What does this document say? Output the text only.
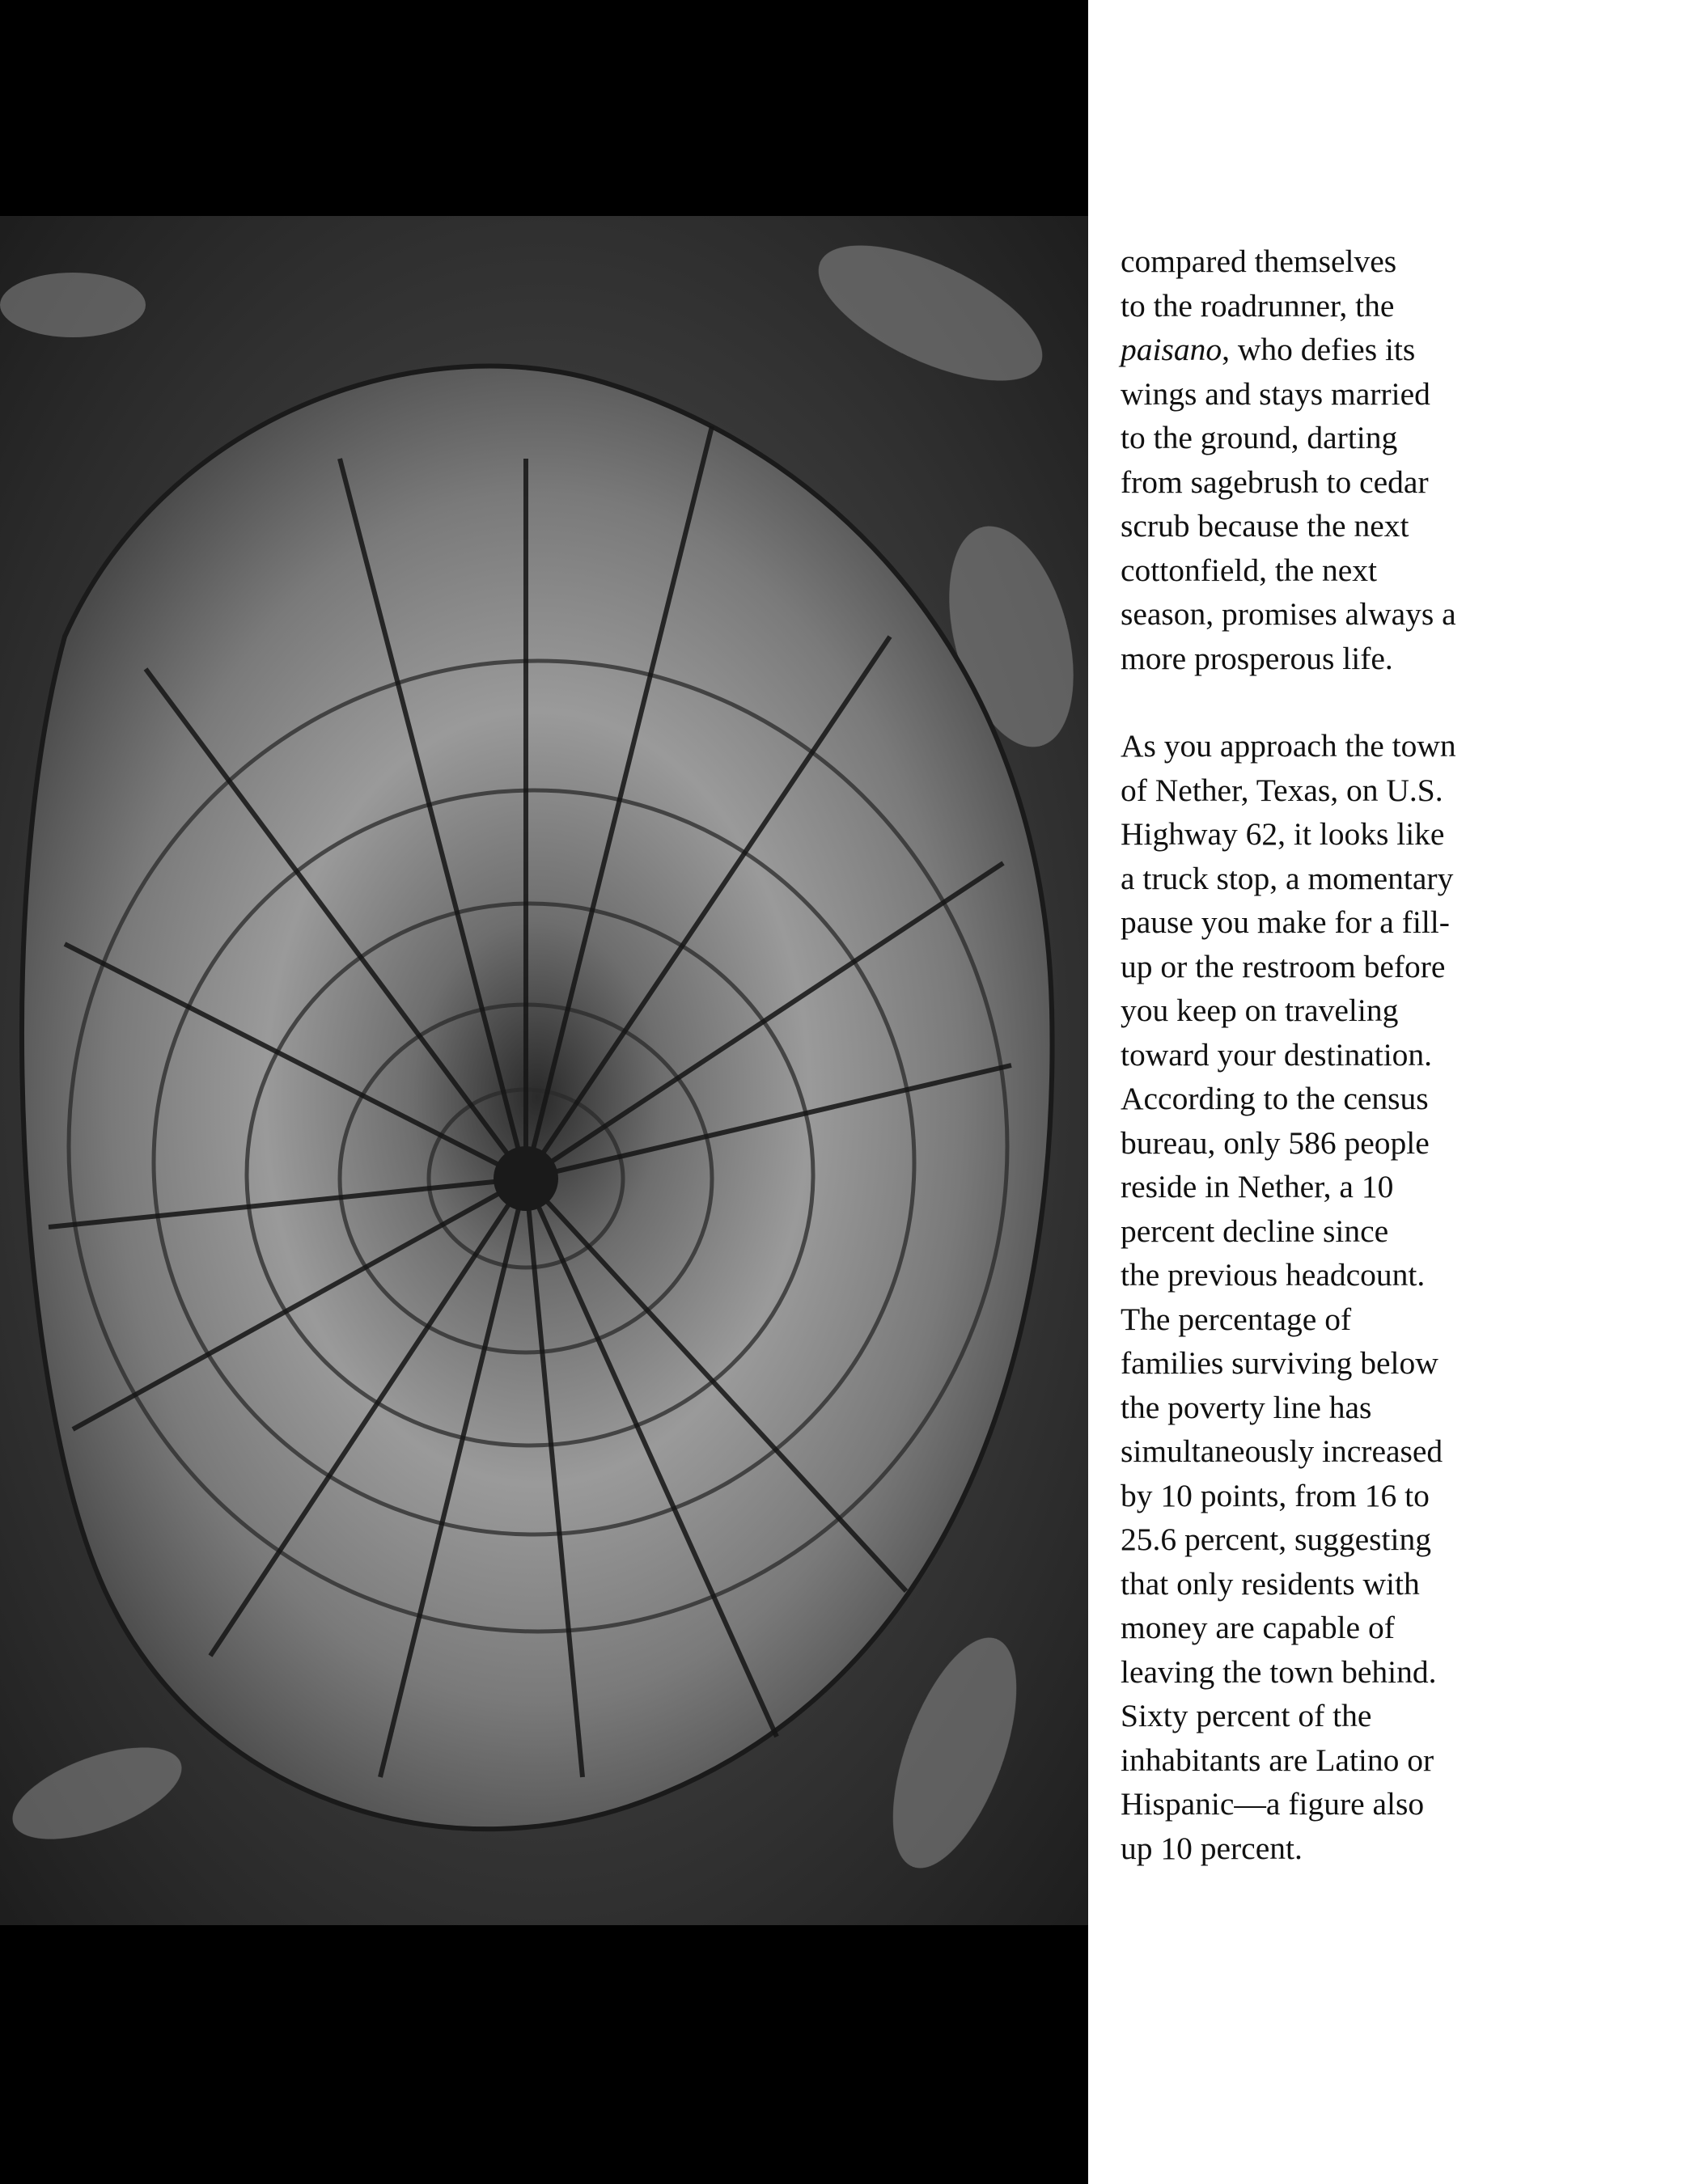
compared themselves
to the roadrunner, the
paisano, who defies its
wings and stays married
to the ground, darting
from sagebrush to cedar
scrub because the next
cottonfield, the next
season, promises always a
more prosperous life.

As you approach the town
of Nether, Texas, on U.S.
Highway 62, it looks like
a truck stop, a momentary
pause you make for a fill-
up or the restroom before
you keep on traveling
toward your destination.
According to the census
bureau, only 586 people
reside in Nether, a 10
percent decline since
the previous headcount.
The percentage of
families surviving below
the poverty line has
simultaneously increased
by 10 points, from 16 to
25.6 percent, suggesting
that only residents with
money are capable of
leaving the town behind.
Sixty percent of the
inhabitants are Latino or
Hispanic—a figure also
up 10 percent.
